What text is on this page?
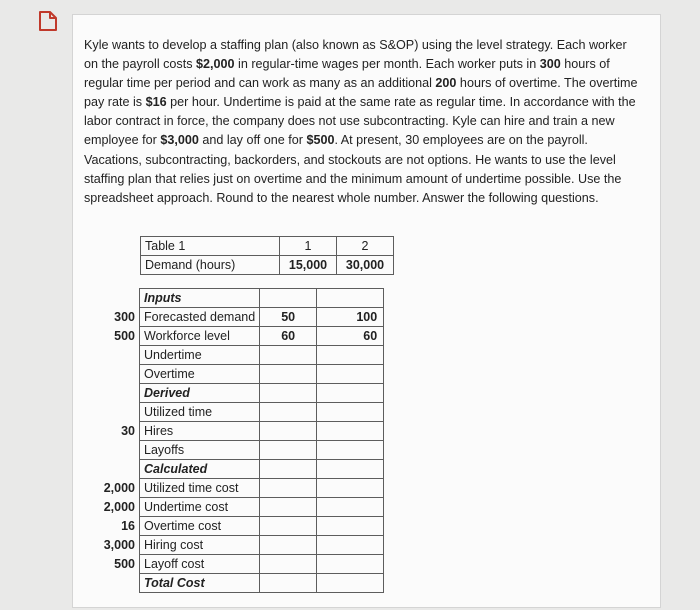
Kyle wants to develop a staffing plan (also known as S&OP) using the level strategy. Each worker on the payroll costs $2,000 in regular-time wages per month. Each worker puts in 300 hours of regular time per period and can work as many as an additional 200 hours of overtime. The overtime pay rate is $16 per hour. Undertime is paid at the same rate as regular time. In accordance with the labor contract in force, the company does not use subcontracting. Kyle can hire and train a new employee for $3,000 and lay off one for $500. At present, 30 employees are on the payroll. Vacations, subcontracting, backorders, and stockouts are not options. He wants to use the level staffing plan that relies just on overtime and the minimum amount of undertime possible. Use the spreadsheet approach. Round to the nearest whole number. Answer the following questions.
Table 1	1	2
Demand (hours)	15,000	30,000
	Inputs		
300	Forecasted demand	50	100
500	Workforce level	60	60
	Undertime		
	Overtime		
	Derived		
	Utilized time		
30	Hires		
	Layoffs		
	Calculated		
2,000	Utilized time cost		
2,000	Undertime cost		
16	Overtime cost		
3,000	Hiring cost		
500	Layoff cost		
	Total Cost		
